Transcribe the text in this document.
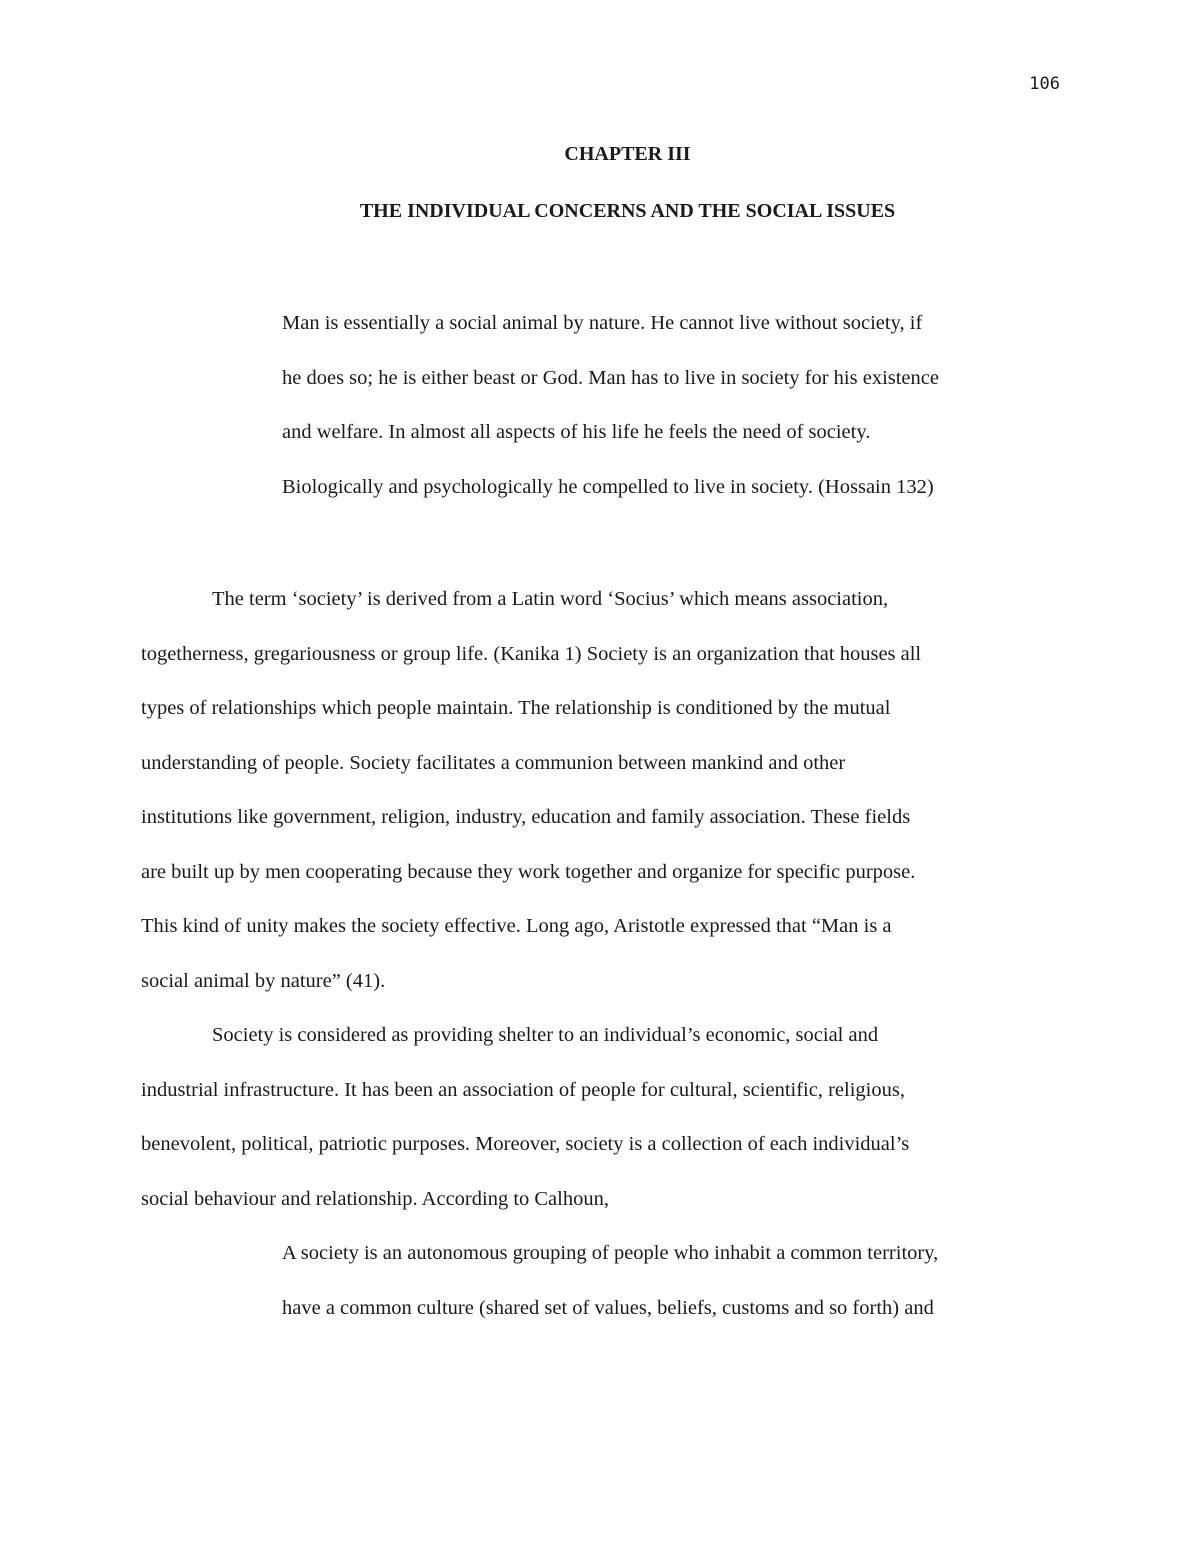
106
CHAPTER III
THE INDIVIDUAL CONCERNS AND THE SOCIAL ISSUES
Man is essentially a social animal by nature. He cannot live without society, if
he does so; he is either beast or God. Man has to live in society for his existence
and welfare. In almost all aspects of his life he feels the need of society.
Biologically and psychologically he compelled to live in society. (Hossain 132)
The term ‘society’ is derived from a Latin word ‘Socius’ which means association,
togetherness, gregariousness or group life. (Kanika 1) Society is an organization that houses all
types of relationships which people maintain. The relationship is conditioned by the mutual
understanding of people. Society facilitates a communion between mankind and other
institutions like government, religion, industry, education and family association. These fields
are built up by men cooperating because they work together and organize for specific purpose.
This kind of unity makes the society effective. Long ago, Aristotle expressed that “Man is a
social animal by nature” (41).
Society is considered as providing shelter to an individual’s economic, social and
industrial infrastructure. It has been an association of people for cultural, scientific, religious,
benevolent, political, patriotic purposes. Moreover, society is a collection of each individual’s
social behaviour and relationship. According to Calhoun,
A society is an autonomous grouping of people who inhabit a common territory,
have a common culture (shared set of values, beliefs, customs and so forth) and
